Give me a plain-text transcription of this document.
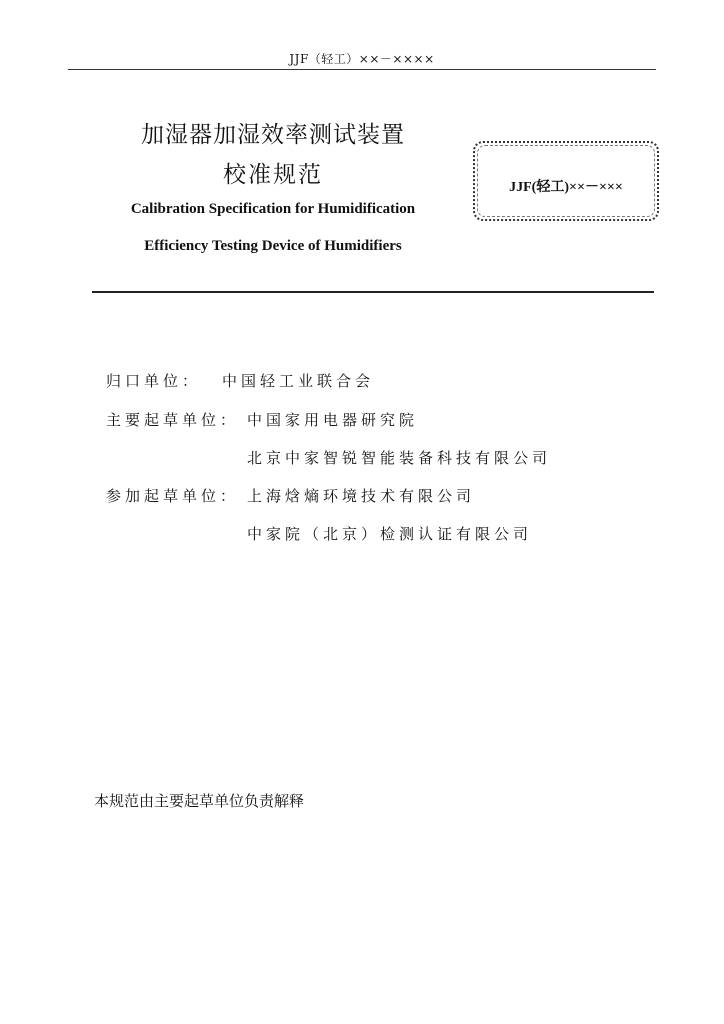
JJF（轻工）××－××××
加湿器加湿效率测试装置
校准规范
Calibration Specification for Humidification
Efficiency Testing Device of Humidifiers
JJF(轻工)××－×××
归口单位： 中国轻工业联合会
主要起草单位： 中国家用电器研究院
北京中家智锐智能装备科技有限公司
参加起草单位： 上海焓熵环境技术有限公司
中家院（北京）检测认证有限公司
本规范由主要起草单位负责解释
